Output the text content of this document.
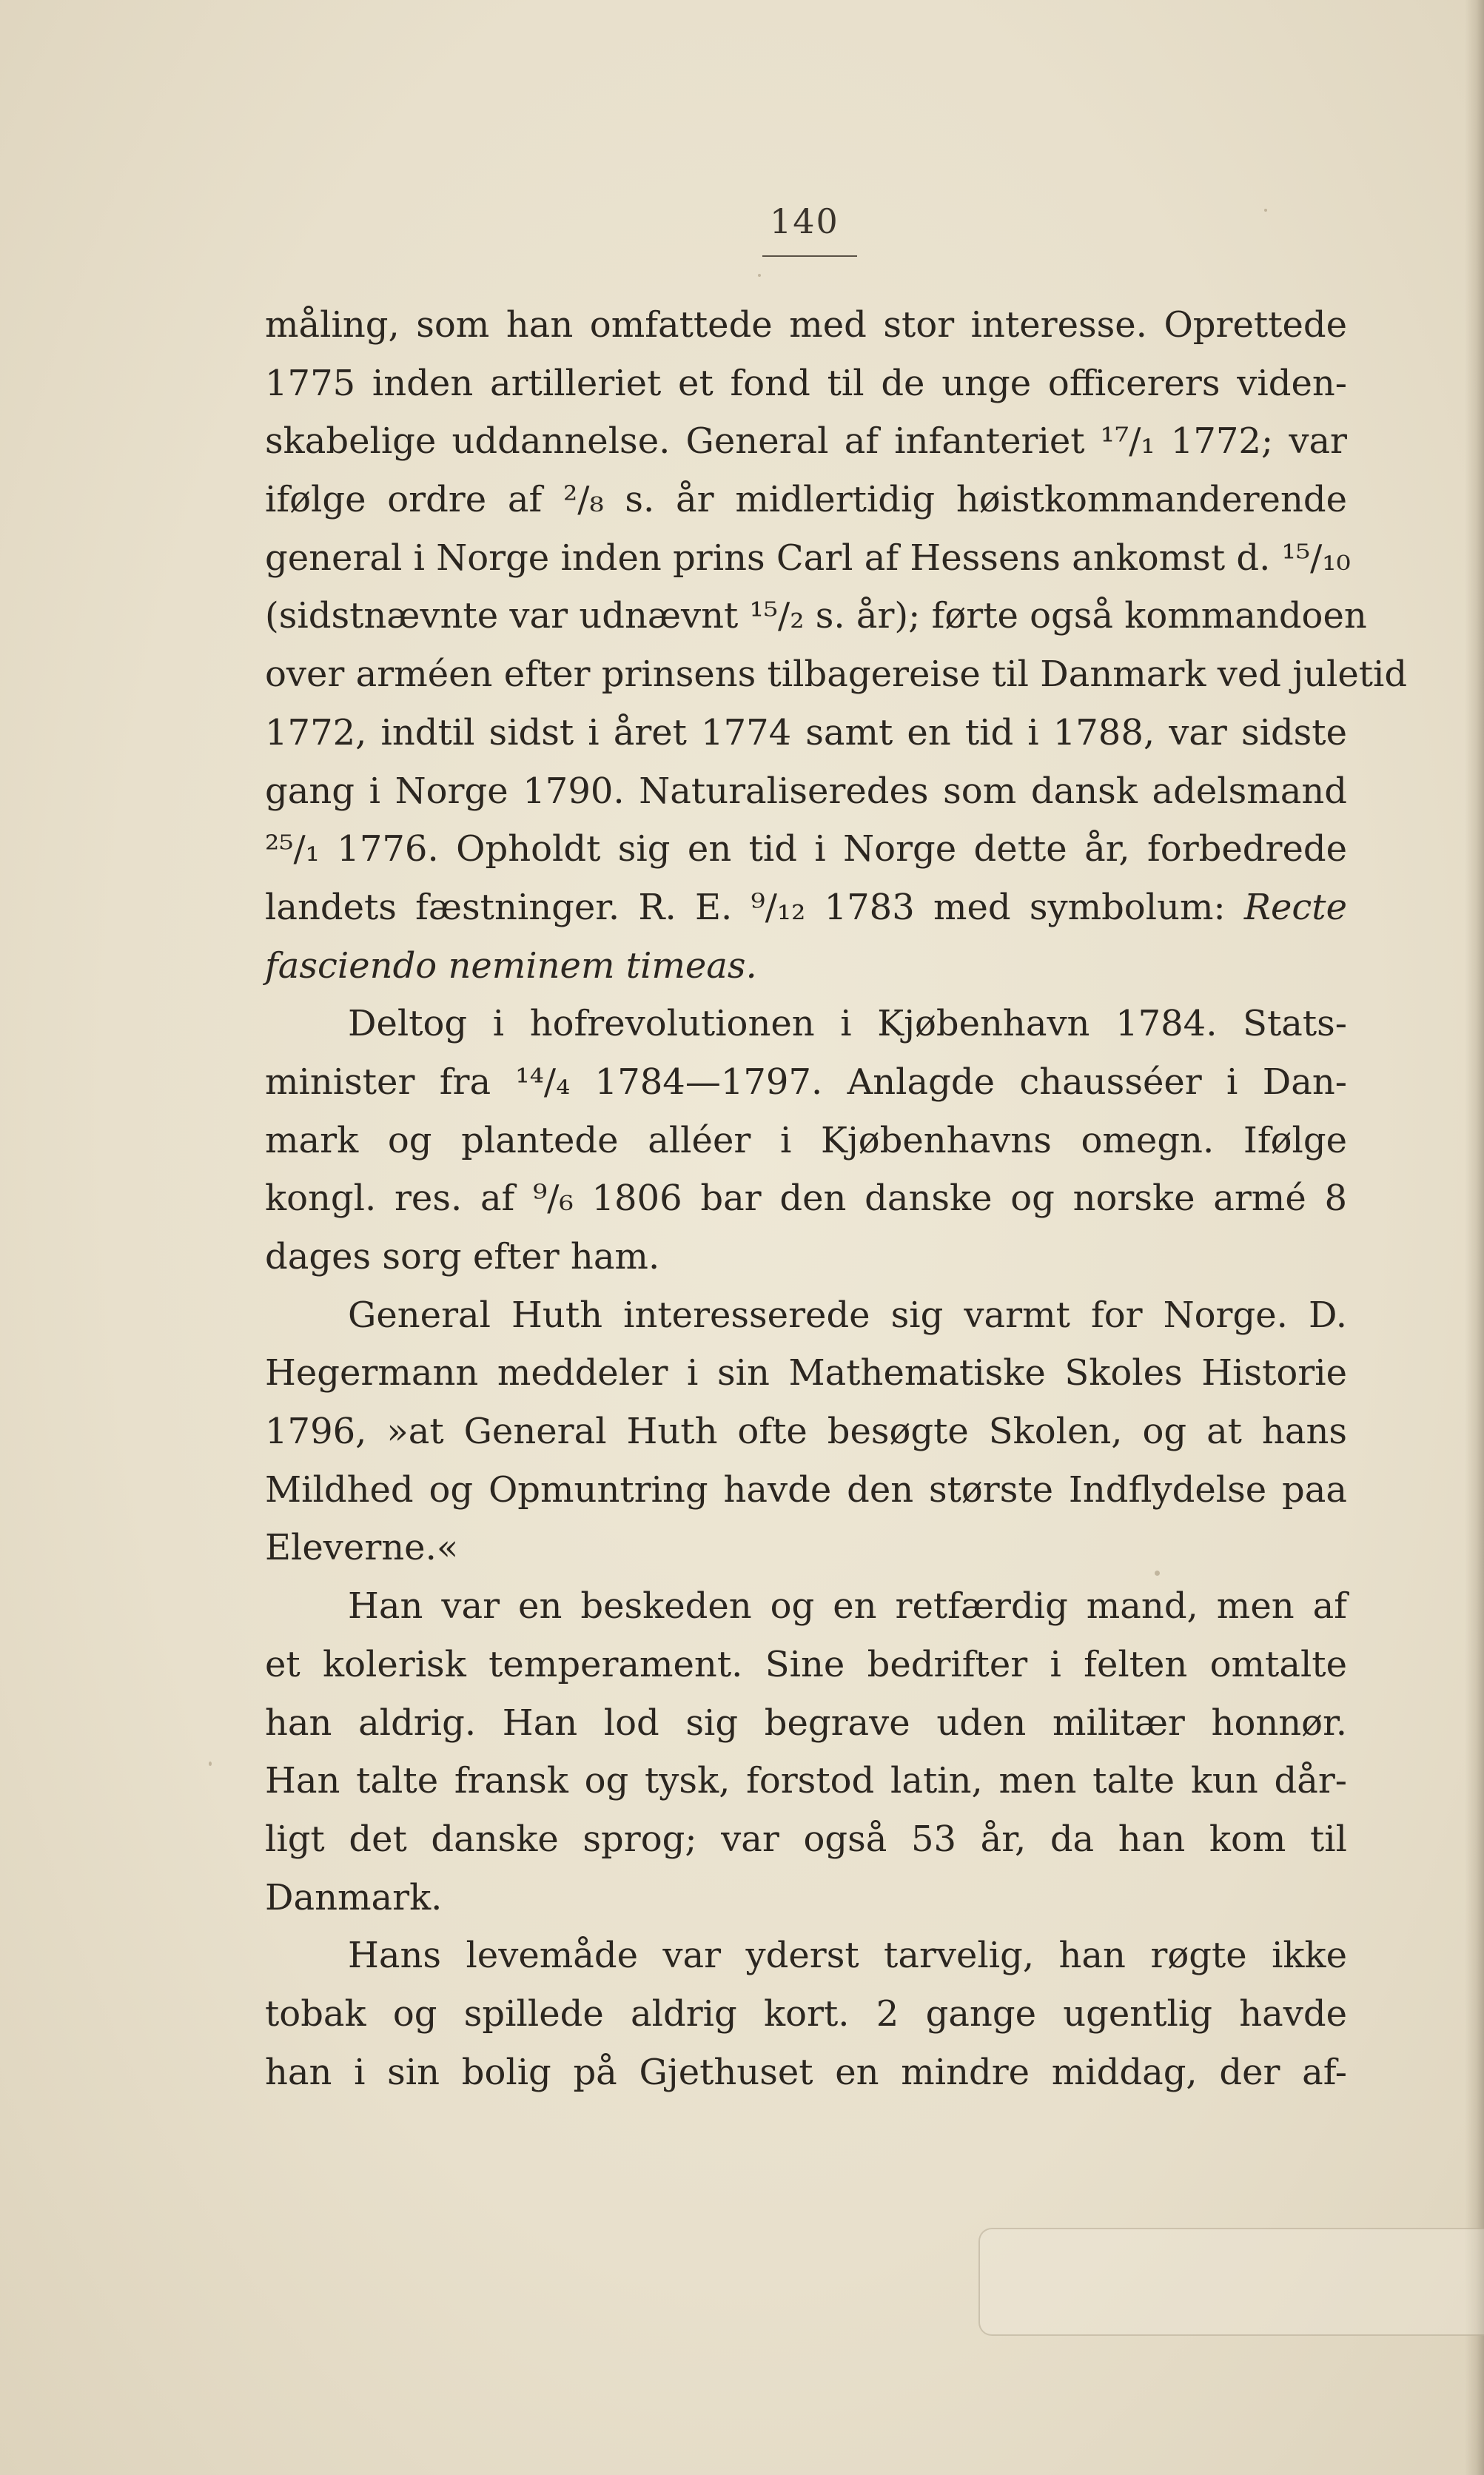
140
måling, som han omfattede med stor interesse. Oprettede
1775 inden artilleriet et fond til de unge officerers viden-
skabelige uddannelse. General af infanteriet ¹⁷/₁ 1772; var
ifølge ordre af ²/₈ s. år midlertidig høistkommanderende
general i Norge inden prins Carl af Hessens ankomst d. ¹⁵/₁₀
(sidstnævnte var udnævnt ¹⁵/₂ s. år); førte også kommandoen
over arméen efter prinsens tilbagereise til Danmark ved juletid
1772, indtil sidst i året 1774 samt en tid i 1788, var sidste
gang i Norge 1790. Naturaliseredes som dansk adelsmand
²⁵/₁ 1776. Opholdt sig en tid i Norge dette år, forbedrede
landets fæstninger. R. E. ⁹/₁₂ 1783 med symbolum: Recte
fasciendo neminem timeas.
Deltog i hofrevolutionen i Kjøbenhavn 1784. Stats-
minister fra ¹⁴/₄ 1784—1797. Anlagde chausséer i Dan-
mark og plantede alléer i Kjøbenhavns omegn. Ifølge
kongl. res. af ⁹/₆ 1806 bar den danske og norske armé 8
dages sorg efter ham.
General Huth interesserede sig varmt for Norge. D.
Hegermann meddeler i sin Mathematiske Skoles Historie
1796, »at General Huth ofte besøgte Skolen, og at hans
Mildhed og Opmuntring havde den største Indflydelse paa
Eleverne.«
Han var en beskeden og en retfærdig mand, men af
et kolerisk temperament. Sine bedrifter i felten omtalte
han aldrig. Han lod sig begrave uden militær honnør.
Han talte fransk og tysk, forstod latin, men talte kun dår-
ligt det danske sprog; var også 53 år, da han kom til
Danmark.
Hans levemåde var yderst tarvelig, han røgte ikke
tobak og spillede aldrig kort. 2 gange ugentlig havde
han i sin bolig på Gjethuset en mindre middag, der af-
